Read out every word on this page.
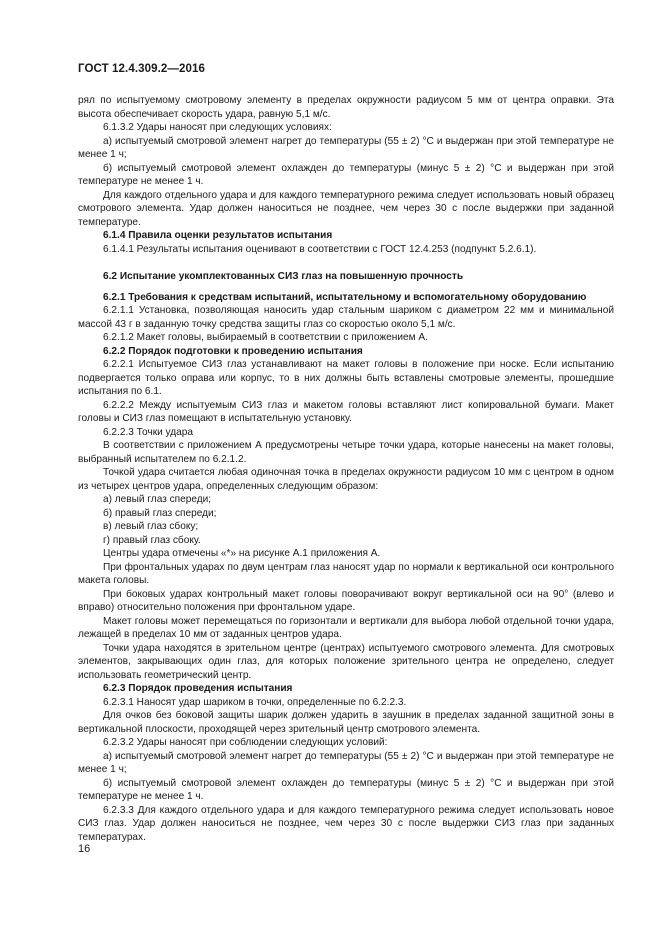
ГОСТ 12.4.309.2—2016

рял по испытуемому смотровому элементу в пределах окружности радиусом 5 мм от центра оправки. Эта высота обеспечивает скорость удара, равную 5,1 м/с.

6.1.3.2 Удары наносят при следующих условиях:

а) испытуемый смотровой элемент нагрет до температуры (55 ± 2) °С и выдержан при этой температуре не менее 1 ч;

б) испытуемый смотровой элемент охлажден до температуры (минус 5 ± 2) °С и выдержан при этой температуре не менее 1 ч.

Для каждого отдельного удара и для каждого температурного режима следует использовать новый образец смотрового элемента. Удар должен наноситься не позднее, чем через 30 с после выдержки при заданной температуре.

6.1.4 Правила оценки результатов испытания

6.1.4.1 Результаты испытания оценивают в соответствии с ГОСТ 12.4.253 (подпункт 5.2.6.1).

6.2 Испытание укомплектованных СИЗ глаз на повышенную прочность

6.2.1 Требования к средствам испытаний, испытательному и вспомогательному оборудованию

6.2.1.1 Установка, позволяющая наносить удар стальным шариком с диаметром 22 мм и минимальной массой 43 г в заданную точку средства защиты глаз со скоростью около 5,1 м/с.

6.2.1.2 Макет головы, выбираемый в соответствии с приложением А.

6.2.2 Порядок подготовки к проведению испытания

6.2.2.1 Испытуемое СИЗ глаз устанавливают на макет головы в положение при носке. Если испытанию подвергается только оправа или корпус, то в них должны быть вставлены смотровые элементы, прошедшие испытания по 6.1.

6.2.2.2 Между испытуемым СИЗ глаз и макетом головы вставляют лист копировальной бумаги. Макет головы и СИЗ глаз помещают в испытательную установку.

6.2.2.3 Точки удара

В соответствии с приложением А предусмотрены четыре точки удара, которые нанесены на макет головы, выбранный испытателем по 6.2.1.2.

Точкой удара считается любая одиночная точка в пределах окружности радиусом 10 мм с центром в одном из четырех центров удара, определенных следующим образом:

а) левый глаз спереди;

б) правый глаз спереди;

в) левый глаз сбоку;

г) правый глаз сбоку.

Центры удара отмечены «*» на рисунке А.1 приложения А.

При фронтальных ударах по двум центрам глаз наносят удар по нормали к вертикальной оси контрольного макета головы.

При боковых ударах контрольный макет головы поворачивают вокруг вертикальной оси на 90° (влево и вправо) относительно положения при фронтальном ударе.

Макет головы может перемещаться по горизонтали и вертикали для выбора любой отдельной точки удара, лежащей в пределах 10 мм от заданных центров удара.

Точки удара находятся в зрительном центре (центрах) испытуемого смотрового элемента. Для смотровых элементов, закрывающих один глаз, для которых положение зрительного центра не определено, следует использовать геометрический центр.

6.2.3 Порядок проведения испытания

6.2.3.1 Наносят удар шариком в точки, определенные по 6.2.2.3.

Для очков без боковой защиты шарик должен ударить в заушник в пределах заданной защитной зоны в вертикальной плоскости, проходящей через зрительный центр смотрового элемента.

6.2.3.2 Удары наносят при соблюдении следующих условий:

а) испытуемый смотровой элемент нагрет до температуры (55 ± 2) °С и выдержан при этой температуре не менее 1 ч;

б) испытуемый смотровой элемент охлажден до температуры (минус 5 ± 2) °С и выдержан при этой температуре не менее 1 ч.

6.2.3.3 Для каждого отдельного удара и для каждого температурного режима следует использовать новое СИЗ глаз. Удар должен наноситься не позднее, чем через 30 с после выдержки СИЗ глаз при заданных температурах.

16
